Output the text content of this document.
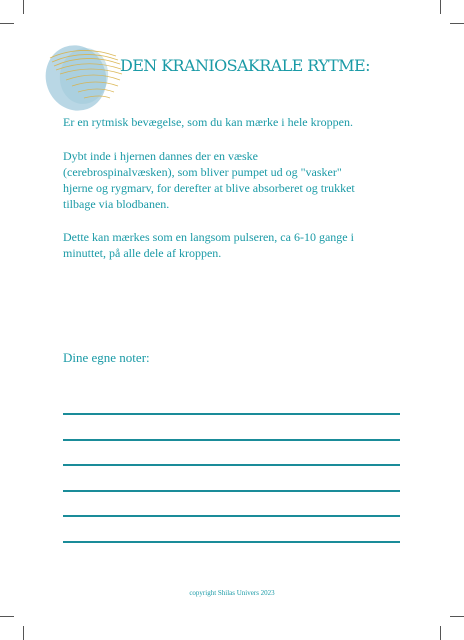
DEN KRANIOSAKRALE RYTME:
Er en rytmisk bevægelse, som du kan mærke i hele kroppen.
Dybt inde i hjernen dannes der en væske
(cerebrospinalvæsken), som bliver pumpet ud og "vasker"
hjerne og rygmarv, for derefter at blive absorberet og trukket
tilbage via blodbanen.
Dette kan mærkes som en langsom pulseren, ca 6-10 gange i
minuttet, på alle dele af kroppen.
Dine egne noter:
copyright Shilas Univers 2023
